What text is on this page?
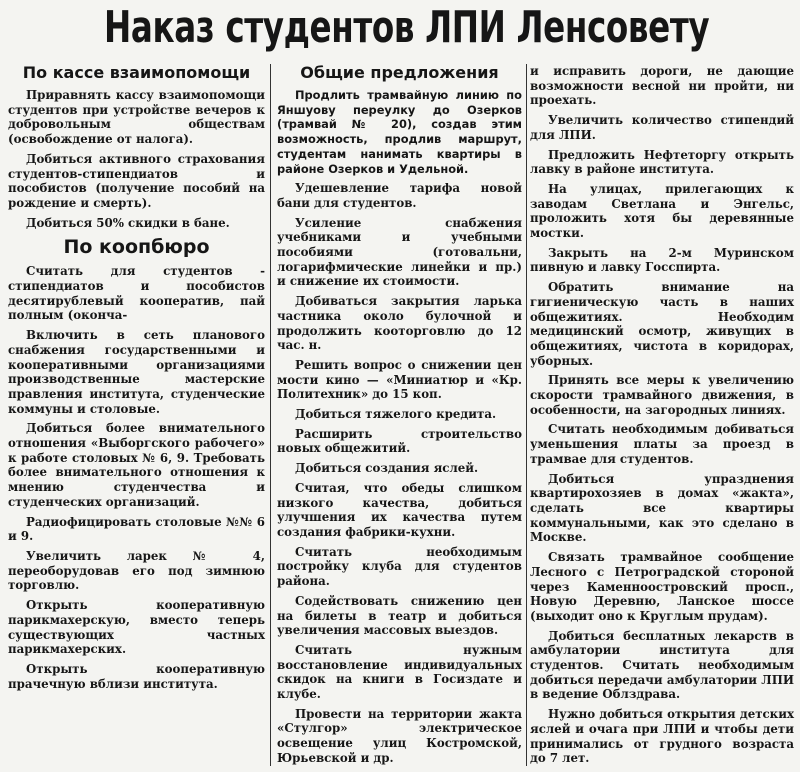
Наказ студентов ЛПИ Ленсовету
По кассе взаимопомощи

Приравнять кассу взаимопомощи студентов при устройстве вечеров к добровольным обществам (освобождение от налога).

Добиться активного страхования студентов-стипендиатов и пособистов (получение пособий на рождение и смерть).

Добиться 50% скидки в бане.

По коопбюро

Считать для студентов - стипендиатов и пособистов десятирублевый кооператив, пай полным (оконча-

Включить в сеть планового снабжения государственными и кооперативными организациями производственные мастерские правления института, студенческие коммуны и столовые.

Добиться более внимательного отношения «Выборгского рабочего» к работе столовых № 6, 9. Требовать более внимательного отношения к мнению студенчества и студенческих организаций.

Радиофицировать столовые №№ 6 и 9.

Увеличить ларек № 4, переоборудовав его под зимнюю торговлю.

Открыть кооперативную парикмахерскую, вместо теперь существующих частных парикмахерских.

Открыть кооперативную прачечную вблизи института.

Общие предложения

Продлить трамвайную линию по Яншуову переулку до Озерков (трамвай № 20), создав этим возможность, продлив маршрут, студентам нанимать квартиры в районе Озерков и Удельной.

Удешевление тарифа новой бани для студентов.

Усиление снабжения учебниками и учебными пособиями (готовальни, логарифмические линейки и пр.) и снижение их стоимости.

Добиваться закрытия ларька частника около булочной и продолжить кооторговлю до 12 час. н.

Решить вопрос о снижении цен мости кино — «Миниатюр и «Кр. Политехник» до 15 коп.

Добиться тяжелого кредита.

Расширить строительство новых общежитий.

Добиться создания яслей.

Считая, что обеды слишком низкого качества, добиться улучшения их качества путем создания фабрики-кухни.

Считать необходимым постройку клуба для студентов района.

Содействовать снижению цен на билеты в театр и добиться увеличения массовых выездов.

Считать нужным восстановление индивидуальных скидок на книги в Госиздате и клубе.

Провести на территории жакта «Стулгор» электрическое освещение улиц Костромской, Юрьевской и др.

и исправить дороги, не дающие возможности весной ни пройти, ни проехать.

Увеличить количество стипендий для ЛПИ.

Предложить Нефтеторгу открыть лавку в районе института.

На улицах, прилегающих к заводам Светлана и Энгельс, проложить хотя бы деревянные мостки.

Закрыть на 2-м Муринском пивную и лавку Госспирта.

Обратить внимание на гигиеническую часть в наших общежитиях. Необходим медицинский осмотр, живущих в общежитиях, чистота в коридорах, уборных.

Принять все меры к увеличению скорости трамвайного движения, в особенности, на загородных линиях.

Считать необходимым добиваться уменьшения платы за проезд в трамвае для студентов.

Добиться упразднения квартирохозяев в домах «жакта», сделать все квартиры коммунальными, как это сделано в Москве.

Связать трамвайное сообщение Лесного с Петроградской стороной через Каменноостровский просп., Новую Деревню, Ланское шоссе (выходит оно к Круглым прудам).

Добиться бесплатных лекарств в амбулатории института для студентов. Считать необходимым добиться передачи амбулатории ЛПИ в ведение Облздрава.

Нужно добиться открытия детских яслей и очага при ЛПИ и чтобы дети принимались от грудного возраста до 7 лет.
